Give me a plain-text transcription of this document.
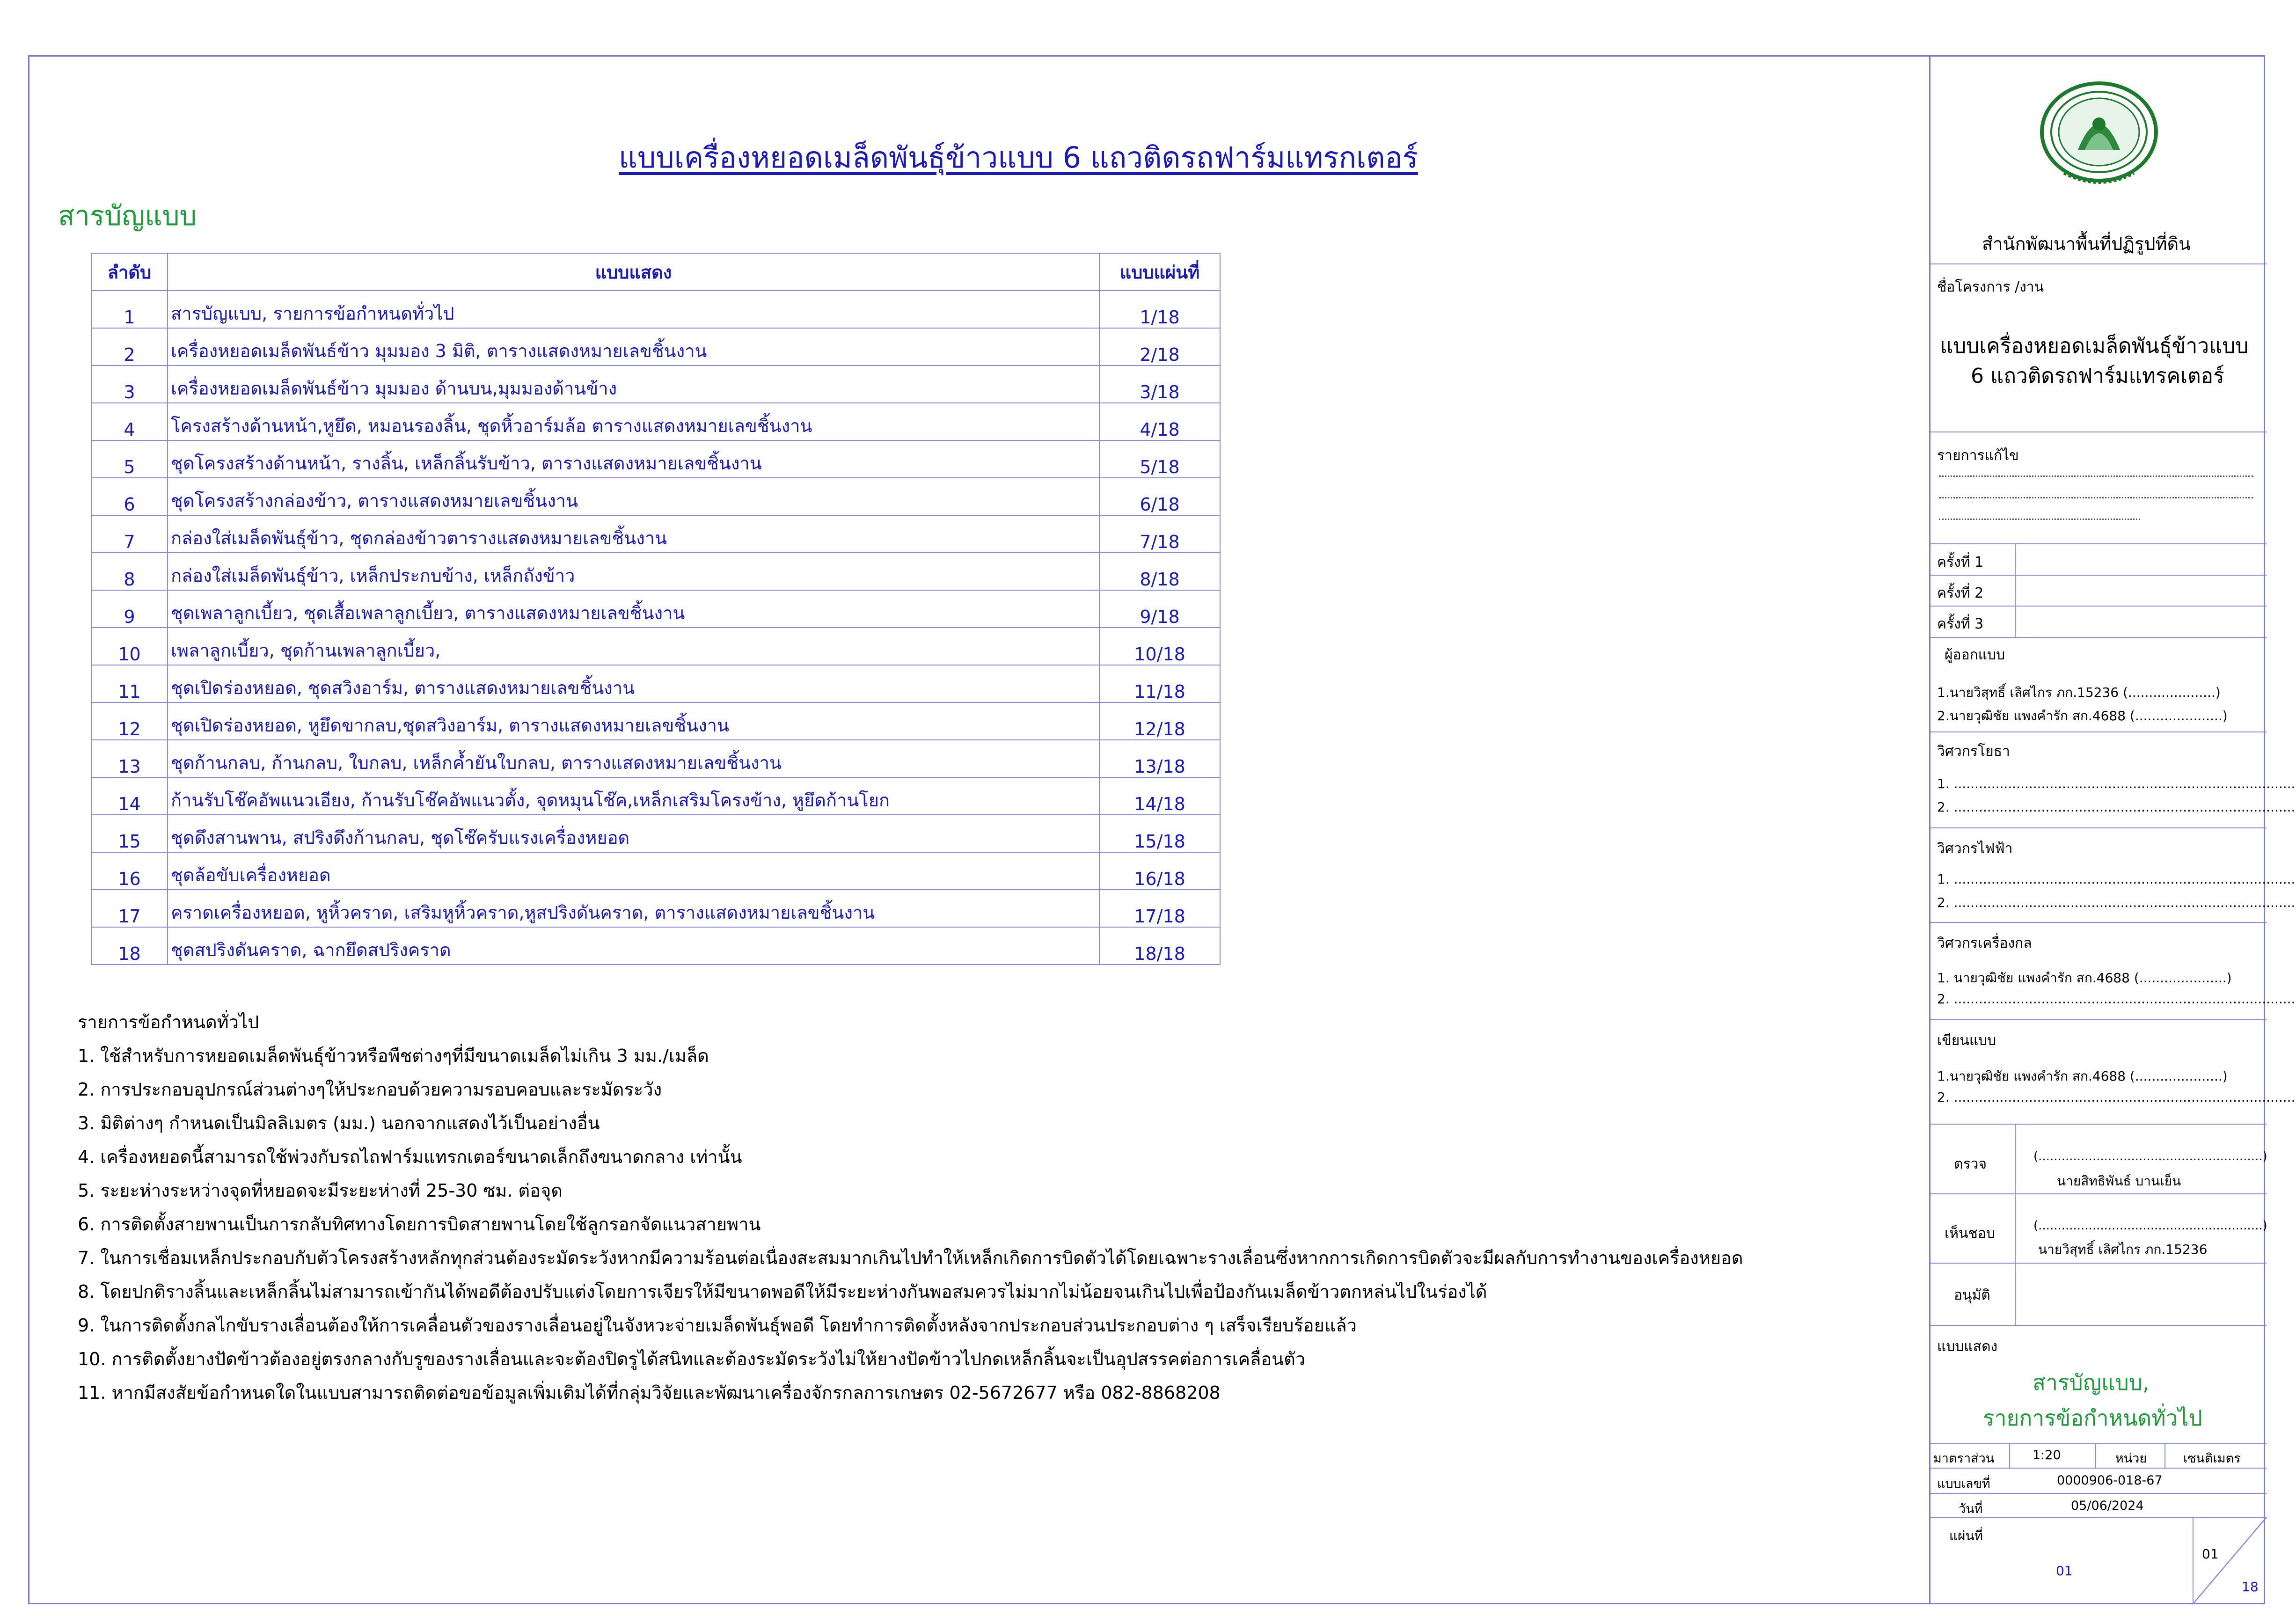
แบบเครื่องหยอดเมล็ดพันธุ์ข้าวแบบ 6 แถวติดรถฟาร์มแทรกเตอร์
สารบัญแบบ
ลำดับ	แบบแสดง	แบบแผ่นที่
1	สารบัญแบบ, รายการข้อกำหนดทั่วไป	1/18
2	เครื่องหยอดเมล็ดพันธ์ข้าว มุมมอง 3 มิติ, ตารางแสดงหมายเลขชิ้นงาน	2/18
3	เครื่องหยอดเมล็ดพันธ์ข้าว มุมมอง ด้านบน,มุมมองด้านข้าง	3/18
4	โครงสร้างด้านหน้า,หูยึด, หมอนรองลิ้น, ชุดหิ้วอาร์มล้อ ตารางแสดงหมายเลขชิ้นงาน	4/18
5	ชุดโครงสร้างด้านหน้า, รางลิ้น, เหล็กลิ้นรับข้าว, ตารางแสดงหมายเลขชิ้นงาน	5/18
6	ชุดโครงสร้างกล่องข้าว, ตารางแสดงหมายเลขชิ้นงาน	6/18
7	กล่องใส่เมล็ดพันธุ์ข้าว, ชุดกล่องข้าวตารางแสดงหมายเลขชิ้นงาน	7/18
8	กล่องใส่เมล็ดพันธุ์ข้าว, เหล็กประกบข้าง, เหล็กถังข้าว	8/18
9	ชุดเพลาลูกเบี้ยว, ชุดเสื้อเพลาลูกเบี้ยว, ตารางแสดงหมายเลขชิ้นงาน	9/18
10	เพลาลูกเบี้ยว, ชุดก้านเพลาลูกเบี้ยว,	10/18
11	ชุดเปิดร่องหยอด, ชุดสวิงอาร์ม, ตารางแสดงหมายเลขชิ้นงาน	11/18
12	ชุดเปิดร่องหยอด, หูยึดขากลบ,ชุดสวิงอาร์ม, ตารางแสดงหมายเลขชิ้นงาน	12/18
13	ชุดก้านกลบ, ก้านกลบ, ใบกลบ, เหล็กค้ำยันใบกลบ, ตารางแสดงหมายเลขชิ้นงาน	13/18
14	ก้านรับโช๊คอัพแนวเอียง, ก้านรับโช๊คอัพแนวตั้ง, จุดหมุนโช๊ค,เหล็กเสริมโครงข้าง, หูยึดก้านโยก	14/18
15	ชุดดึงสานพาน, สปริงดึงก้านกลบ, ชุดโช๊ครับแรงเครื่องหยอด	15/18
16	ชุดล้อขับเครื่องหยอด	16/18
17	คราดเครื่องหยอด, หูหิ้วคราด, เสริมหูหิ้วคราด,หูสปริงดันคราด, ตารางแสดงหมายเลขชิ้นงาน	17/18
18	ชุดสปริงดันคราด, ฉากยึดสปริงคราด	18/18
รายการข้อกำหนดทั่วไป
1. ใช้สำหรับการหยอดเมล็ดพันธุ์ข้าวหรือพืชต่างๆที่มีขนาดเมล็ดไม่เกิน 3 มม./เมล็ด
2. การประกอบอุปกรณ์ส่วนต่างๆให้ประกอบด้วยความรอบคอบและระมัดระวัง
3. มิติต่างๆ กำหนดเป็นมิลลิเมตร (มม.) นอกจากแสดงไว้เป็นอย่างอื่น
4. เครื่องหยอดนี้สามารถใช้พ่วงกับรถไถฟาร์มแทรกเตอร์ขนาดเล็กถึงขนาดกลาง เท่านั้น
5. ระยะห่างระหว่างจุดที่หยอดจะมีระยะห่างที่ 25-30 ซม. ต่อจุด
6. การติดตั้งสายพานเป็นการกลับทิศทางโดยการบิดสายพานโดยใช้ลูกรอกจัดแนวสายพาน
7. ในการเชื่อมเหล็กประกอบกับตัวโครงสร้างหลักทุกส่วนต้องระมัดระวังหากมีความร้อนต่อเนื่องสะสมมากเกินไปทำให้เหล็กเกิดการบิดตัวได้โดยเฉพาะรางเลื่อนซึ่งหากการเกิดการบิดตัวจะมีผลกับการทำงานของเครื่องหยอด
8. โดยปกติรางลิ้นและเหล็กลิ้นไม่สามารถเข้ากันได้พอดีต้องปรับแต่งโดยการเจียรให้มีขนาดพอดีให้มีระยะห่างกันพอสมควรไม่มากไม่น้อยจนเกินไปเพื่อป้องกันเมล็ดข้าวตกหล่นไปในร่องได้
9. ในการติดตั้งกลไกขับรางเลื่อนต้องให้การเคลื่อนตัวของรางเลื่อนอยู่ในจังหวะจ่ายเมล็ดพันธุ์พอดี โดยทำการติดตั้งหลังจากประกอบส่วนประกอบต่าง ๆ เสร็จเรียบร้อยแล้ว
10. การติดตั้งยางปัดข้าวต้องอยู่ตรงกลางกับรูของรางเลื่อนและจะต้องปิดรูได้สนิทและต้องระมัดระวังไม่ให้ยางปัดข้าวไปกดเหล็กลิ้นจะเป็นอุปสรรคต่อการเคลื่อนตัว
11. หากมีสงสัยข้อกำหนดใดในแบบสามารถติดต่อขอข้อมูลเพิ่มเติมได้ที่กลุ่มวิจัยและพัฒนาเครื่องจักรกลการเกษตร 02-5672677 หรือ 082-8868208
สำนักพัฒนาพื้นที่ปฏิรูปที่ดิน
ชื่อโครงการ /งาน
แบบเครื่องหยอดเมล็ดพันธุ์ข้าวแบบ
6 แถวติดรถฟาร์มแทรคเตอร์
รายการแก้ไข
ครั้งที่ 1
ครั้งที่ 2
ครั้งที่ 3
ผู้ออกแบบ
1.นายวิสุทธิ์ เลิศไกร ภก.15236 (.....................)
2.นายวุฒิชัย แพงคำรัก สก.4688 (.....................)
วิศวกรโยธา
1. ..................................................................................
2. ..................................................................................
วิศวกรไฟฟ้า
1. ..................................................................................
2. ..................................................................................
วิศวกรเครื่องกล
1. นายวุฒิชัย แพงคำรัก สก.4688 (.....................)
2. ..................................................................................
เขียนแบบ
1.นายวุฒิชัย แพงคำรัก สก.4688 (.....................)
2. ..................................................................................
ตรวจ	(..........................................................)
นายสิทธิพันธ์ บานเย็น
เห็นชอบ	(..........................................................)
นายวิสุทธิ์ เลิศไกร ภก.15236
อนุมัติ
แบบแสดง
สารบัญแบบ,
รายการข้อกำหนดทั่วไป
มาตราส่วน	1:20	หน่วย	เซนติเมตร
แบบเลขที่	0000906-018-67
วันที่	05/06/2024
แผ่นที่
01
01
18
